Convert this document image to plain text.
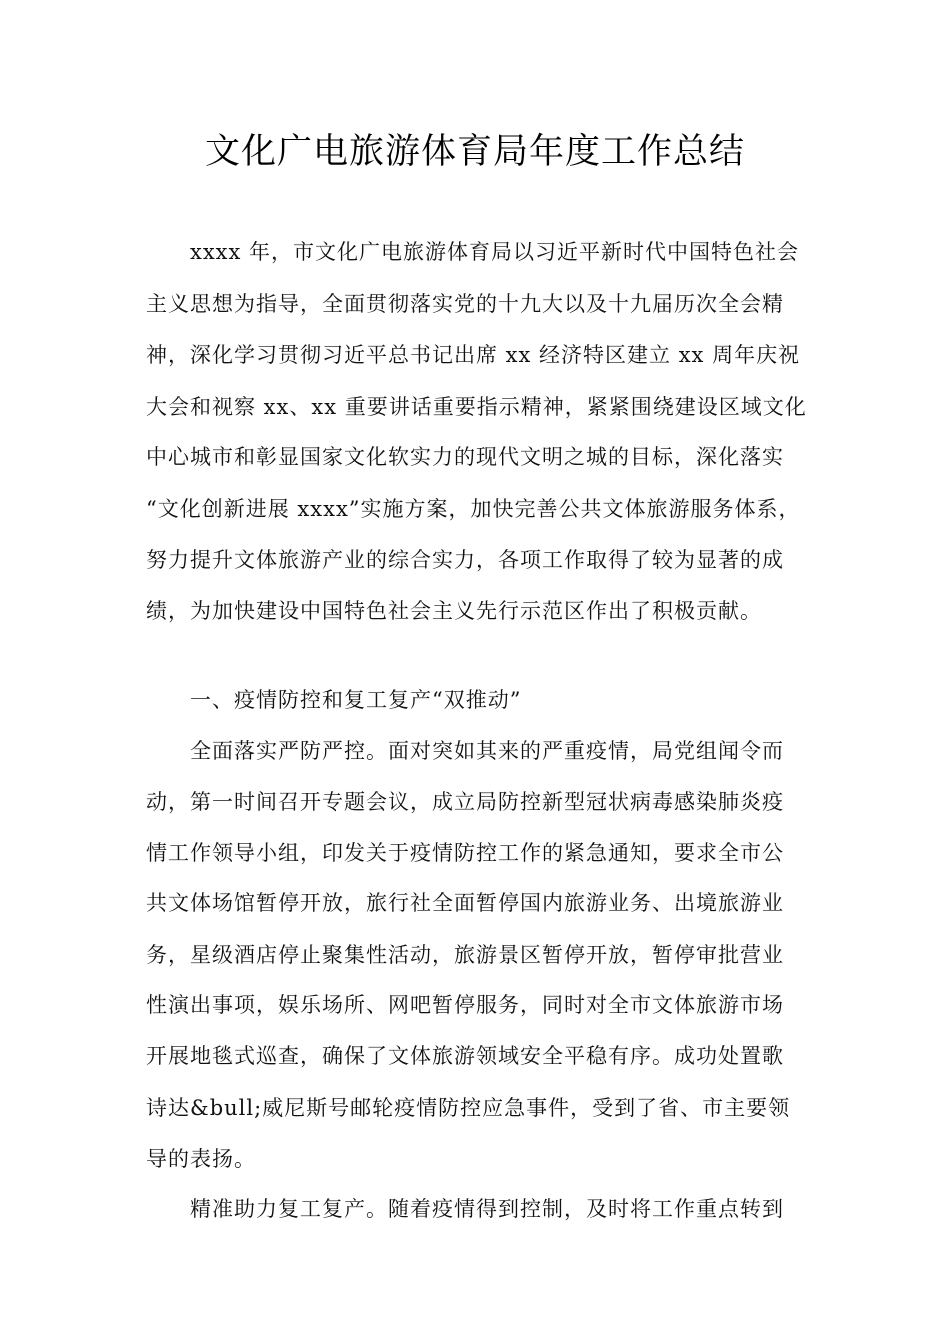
文化广电旅游体育局年度工作总结

xxxx 年，市文化广电旅游体育局以习近平新时代中国特色社会

主义思想为指导，全面贯彻落实党的十九大以及十九届历次全会精

神，深化学习贯彻习近平总书记出席 xx 经济特区建立 xx 周年庆祝

大会和视察 xx、xx 重要讲话重要指示精神，紧紧围绕建设区域文化

中心城市和彰显国家文化软实力的现代文明之城的目标，深化落实

“文化创新进展 xxxx”实施方案，加快完善公共文体旅游服务体系，

努力提升文体旅游产业的综合实力，各项工作取得了较为显著的成

绩，为加快建设中国特色社会主义先行示范区作出了积极贡献。

一、疫情防控和复工复产“双推动”

全面落实严防严控。面对突如其来的严重疫情，局党组闻令而

动，第一时间召开专题会议，成立局防控新型冠状病毒感染肺炎疫

情工作领导小组，印发关于疫情防控工作的紧急通知，要求全市公

共文体场馆暂停开放，旅行社全面暂停国内旅游业务、出境旅游业

务，星级酒店停止聚集性活动，旅游景区暂停开放，暂停审批营业

性演出事项，娱乐场所、网吧暂停服务，同时对全市文体旅游市场

开展地毯式巡查，确保了文体旅游领域安全平稳有序。成功处置歌

诗达&bull;威尼斯号邮轮疫情防控应急事件，受到了省、市主要领

导的表扬。

精准助力复工复产。随着疫情得到控制，及时将工作重点转到
